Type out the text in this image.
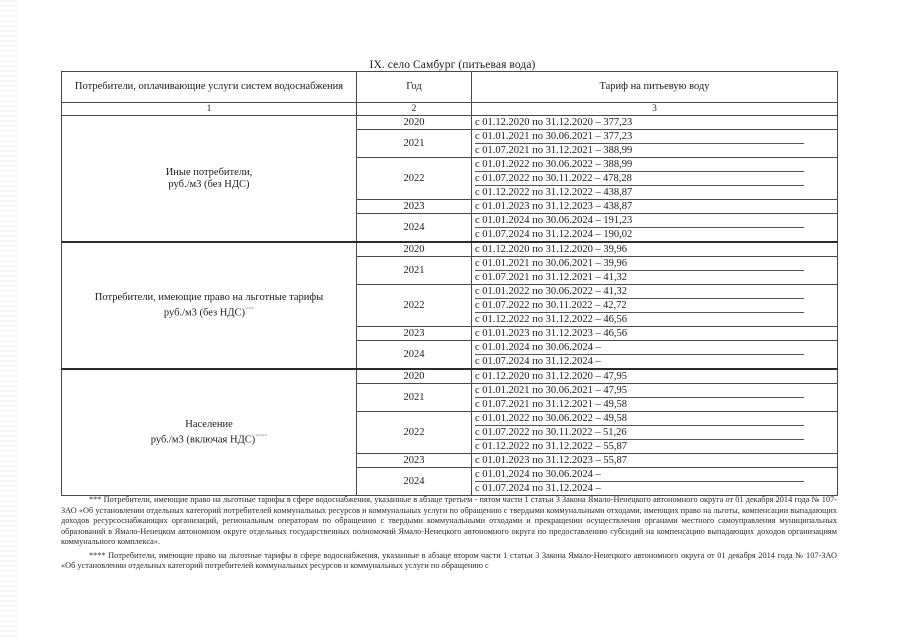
IX. село Самбург (питьевая вода)
Потребители, оплачивающие услуги систем водоснабжения	Год	Тариф на питьевую воду
1	2	3

Иные потребители,
руб./м3 (без НДС)	2020	с 01.12.2020 по 31.12.2020 – 377,23

	2021	с 01.01.2021 по 30.06.2021 – 377,23
с 01.07.2021 по 31.12.2021 – 388,99

	2022	с 01.01.2022 по 30.06.2022 – 388,99
с 01.07.2022 по 30.11.2022 – 478,28
с 01.12.2022 по 31.12.2022 – 438,87

	2023	с 01.01.2023 по 31.12.2023 – 438,87

	2024	с 01.01.2024 по 30.06.2024 – 191,23
с 01.07.2024 по 31.12.2024 – 190,02

Потребители, имеющие право на льготные тарифы
руб./м3 (без НДС)***	2020	с 01.12.2020 по 31.12.2020 – 39,96

	2021	с 01.01.2021 по 30.06.2021 – 39,96
с 01.07.2021 по 31.12.2021 – 41,32

	2022	с 01.01.2022 по 30.06.2022 – 41,32
с 01.07.2022 по 30.11.2022 – 42,72
с 01.12.2022 по 31.12.2022 – 46,56

	2023	с 01.01.2023 по 31.12.2023 – 46,56

	2024	с 01.01.2024 по 30.06.2024 –
с 01.07.2024 по 31.12.2024 –

Население
руб./м3 (включая НДС)****	2020	с 01.12.2020 по 31.12.2020 – 47,95

	2021	с 01.01.2021 по 30.06.2021 – 47,95
с 01.07.2021 по 31.12.2021 – 49,58

	2022	с 01.01.2022 по 30.06.2022 – 49,58
с 01.07.2022 по 30.11.2022 – 51,26
с 01.12.2022 по 31.12.2022 – 55,87

	2023	с 01.01.2023 по 31.12.2023 – 55,87

	2024	с 01.01.2024 по 30.06.2024 –
с 01.07.2024 по 31.12.2024 –

*** Потребители, имеющие право на льготные тарифы в сфере водоснабжения, указанные в абзаце третьем - пятом части 1 статьи 3 Закона Ямало-Ненецкого автономного округа от 01 декабря 2014 года № 107-ЗАО «Об установлении отдельных категорий потребителей коммунальных ресурсов и коммунальных услуги по обращению с твердыми коммунальными отходами, имеющих право на льготы, компенсации выпадающих доходов ресурсоснабжающих организаций, региональным операторам по обращению с твердыми коммунальными отходами и прекращении осуществления органами местного самоуправления муниципальных образований в Ямало-Ненецком автономном округе отдельных государственных полномочий Ямало-Ненецкого автономного округа по предоставлению субсидий на компенсацию выпадающих доходов организациям коммунального комплекса».

**** Потребители, имеющие право на льготные тарифы в сфере водоснабжения, указанные в абзаце втором части 1 статьи 3 Закона Ямало-Ненецкого автономного округа от 01 декабря 2014 года № 107-ЗАО «Об установлении отдельных категорий потребителей коммунальных ресурсов и коммунальных услуги по обращению с
